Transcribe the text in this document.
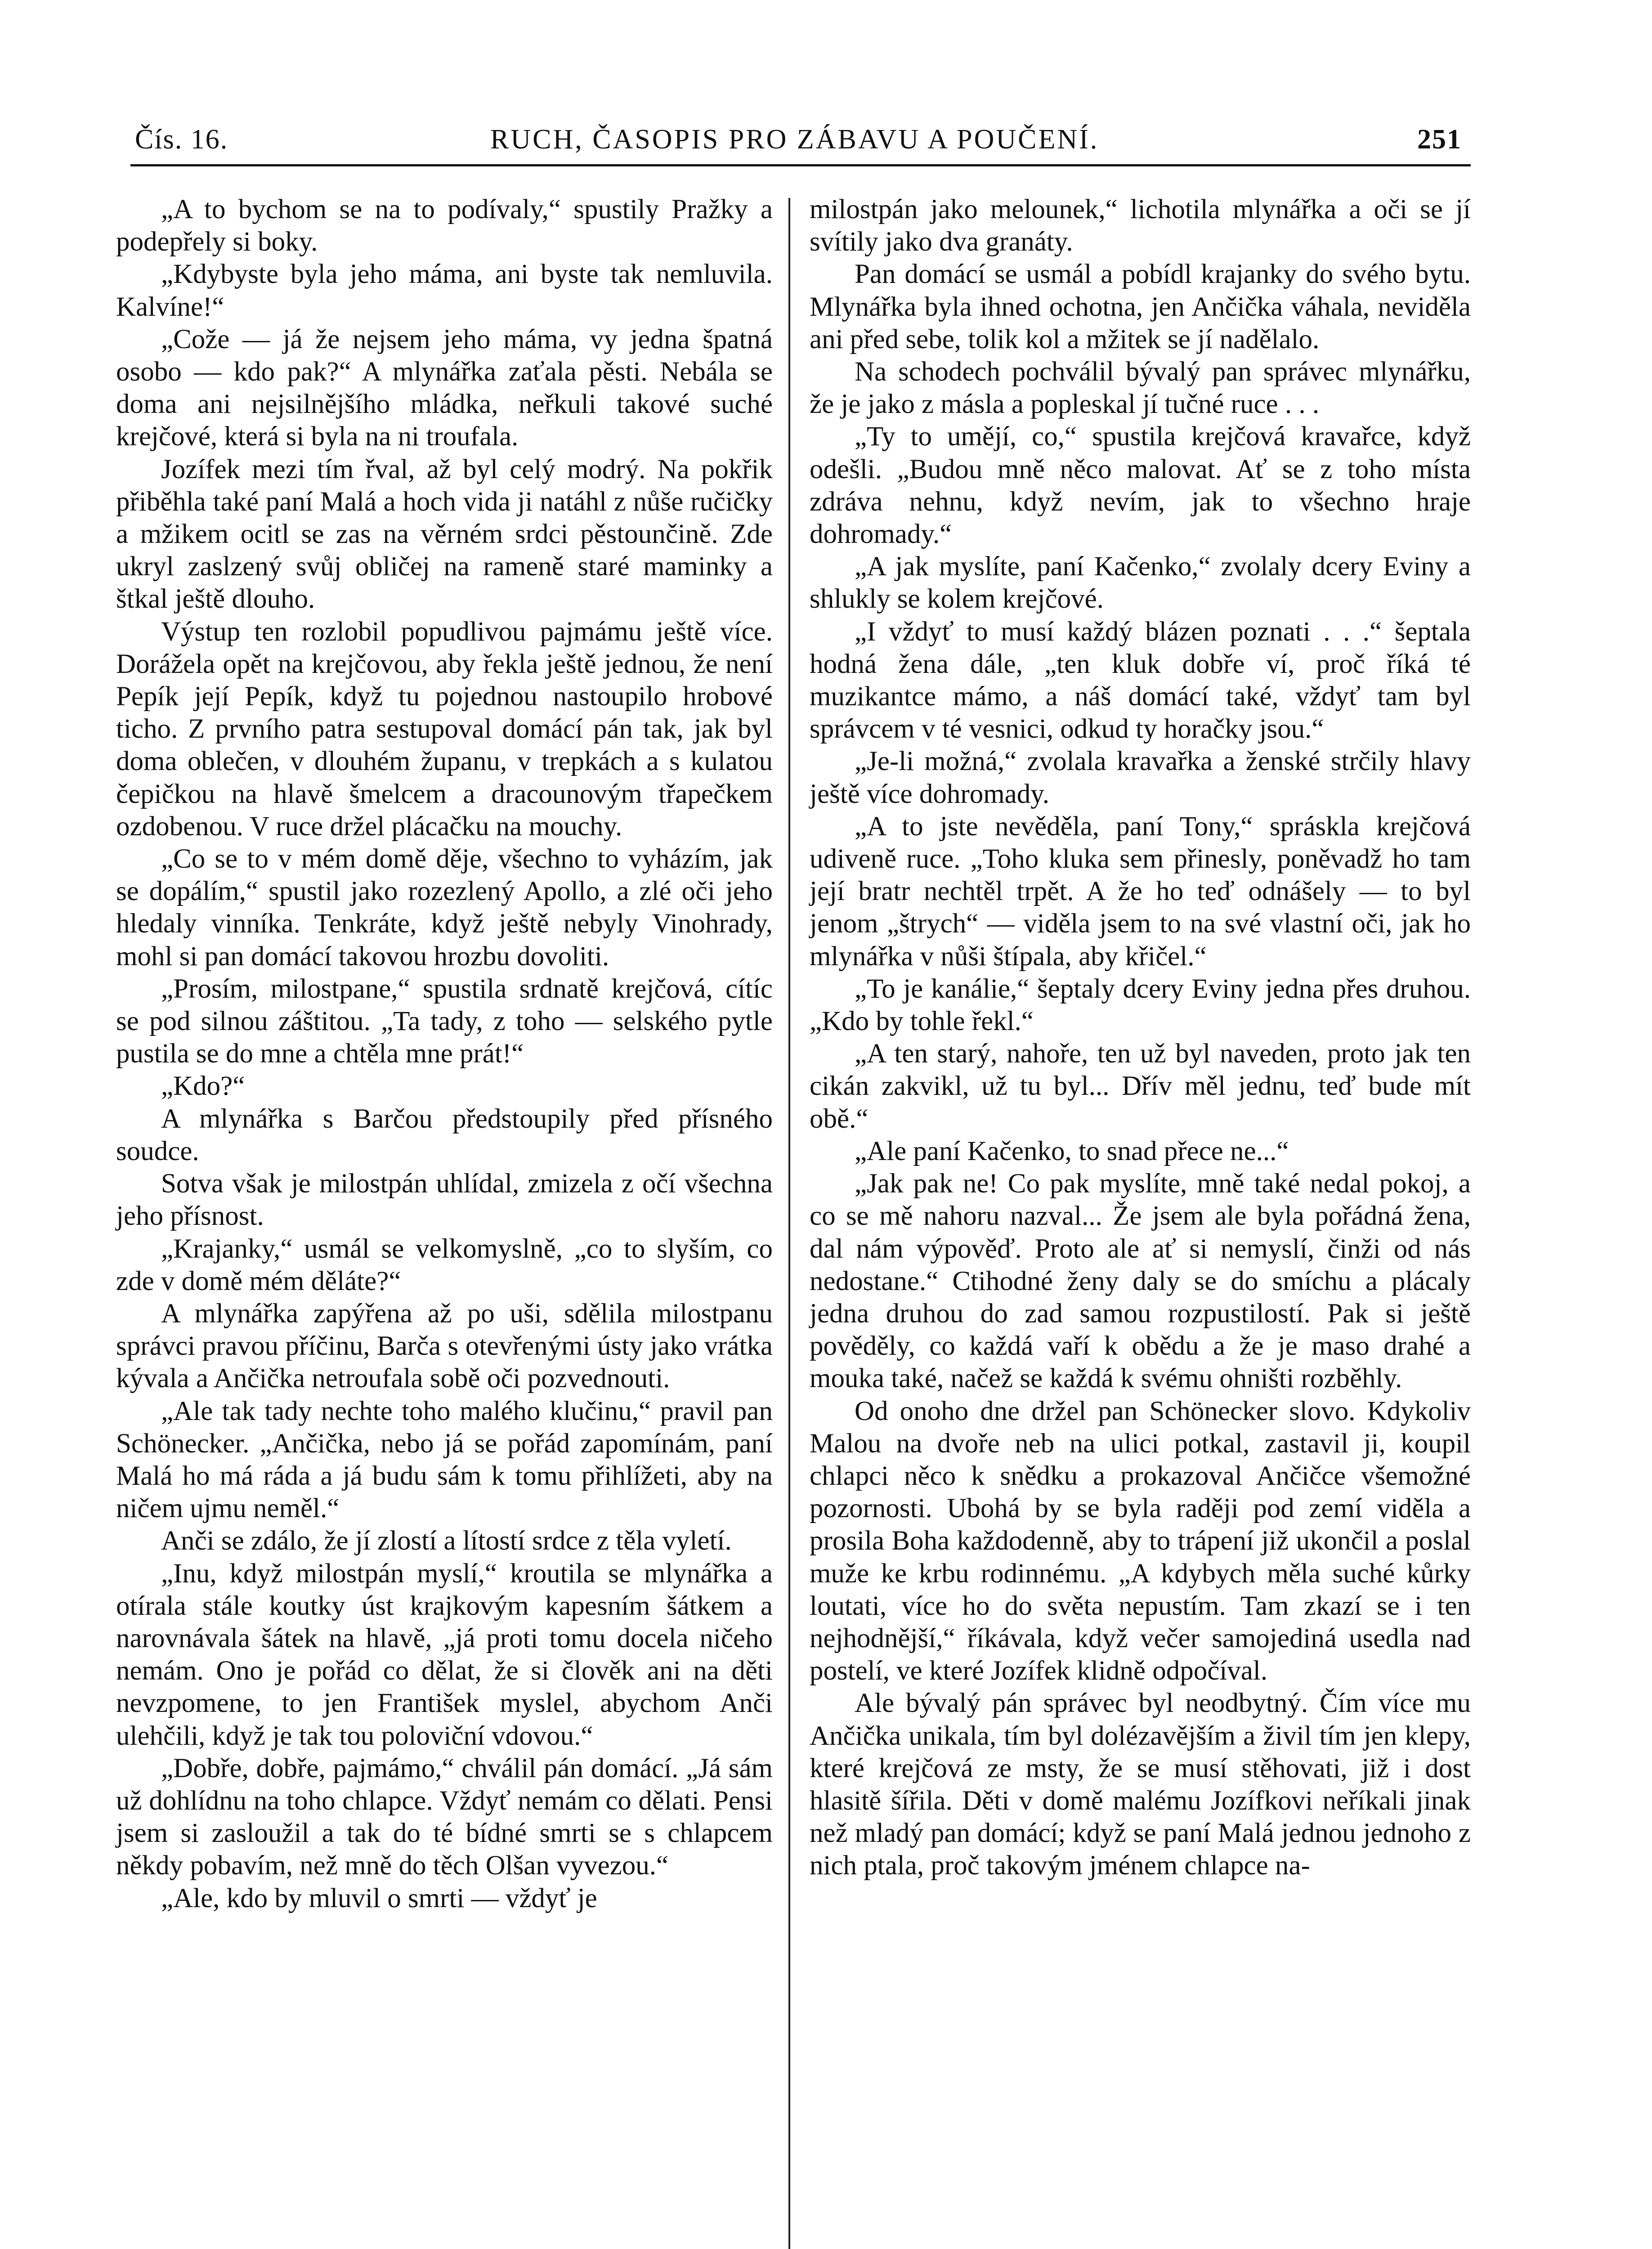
Čís. 16.	RUCH, ČASOPIS PRO ZÁBAVU A POUČENÍ.	251

„A to bychom se na to podívaly,“ spustily Pražky a podepřely si boky.

„Kdybyste byla jeho máma, ani byste tak nemluvila. Kalvíne!“

„Cože — já že nejsem jeho máma, vy jedna špatná osobo — kdo pak?“ A mlynářka zaťala pěsti. Nebála se doma ani nejsilnějšího mládka, neřkuli takové suché krejčové, která si byla na ni troufala.

Jozífek mezi tím řval, až byl celý modrý. Na pokřik přiběhla také paní Malá a hoch vida ji natáhl z nůše ručičky a mžikem ocitl se zas na věrném srdci pěstounčině. Zde ukryl zaslzený svůj obličej na rameně staré maminky a štkal ještě dlouho.

Výstup ten rozlobil popudlivou pajmámu ještě více. Doráželа opět na krejčovou, aby řekla ještě jednou, že není Pepík její Pepík, když tu pojednou nastoupilo hrobové ticho. Z prvního patra sestupoval domácí pán tak, jak byl doma oblečen, v dlouhém županu, v trepkách a s kulatou čepičkou na hlavě šmelcem a dracounovým třapečkem ozdobenou. V ruce držel plácačku na mouchy.

„Co se to v mém domě děje, všechno to vyházím, jak se dopálím,“ spustil jako rozezlený Apollo, a zlé oči jeho hledaly vinníka. Tenkráte, když ještě nebyly Vinohrady, mohl si pan domácí takovou hrozbu dovoliti.

„Prosím, milostpane,“ spustila srdnatě krejčová, cítíc se pod silnou záštitou. „Ta tady, z toho — selského pytle pustila se do mne a chtěla mne prát!“

„Kdo?“

A mlynářka s Barčou předstoupily před přísného soudce.

Sotva však je milostpán uhlídal, zmizela z očí všechna jeho přísnost.

„Krajanky,“ usmál se velkomyslně, „co to slyším, co zde v domě mém děláte?“

A mlynářka zapýřena až po uši, sdělila milostpanu správci pravou příčinu, Barča s otevřenými ústy jako vrátka kývala a Ančička netroufala sobě oči pozvednouti.

„Ale tak tady nechte toho malého klučinu,“ pravil pan Schönecker. „Ančička, nebo já se pořád zapomínám, paní Malá ho má ráda a já budu sám k tomu přihlížeti, aby na ničem ujmu neměl.“

Anči se zdálo, že jí zlostí a lítostí srdce z těla vyletí.

„Inu, když milostpán myslí,“ kroutila se mlynářka a otírala stále koutky úst krajkovým kapesním šátkem a narovnávala šátek na hlavě, „já proti tomu docela ničeho nemám. Ono je pořád co dělat, že si člověk ani na děti nevzpomene, to jen František myslel, abychom Anči ulehčili, když je tak tou poloviční vdovou.“

„Dobře, dobře, pajmámo,“ chválil pán domácí. „Já sám už dohlídnu na toho chlapce. Vždyť nemám co dělati. Pensi jsem si zasloužil a tak do té bídné smrti se s chlapcem někdy pobavím, než mně do těch Olšan vyvezou.“

„Ale, kdo by mluvil o smrti — vždyť je

milostpán jako melounek,“ lichotila mlynářka a oči se jí svítily jako dva granáty.

Pan domácí se usmál a pobídl krajanky do svého bytu. Mlynářka byla ihned ochotna, jen Ančička váhala, neviděla ani před sebe, tolik kol a mžitek se jí nadělalo.

Na schodech pochválil bývalý pan správec mlynářku, že je jako z másla a popleskal jí tučné ruce . . .

„Ty to umějí, co,“ spustila krejčová kravařce, když odešli. „Budou mně něco malovat. Ať se z toho místa zdráva nehnu, když nevím, jak to všechno hraje dohromady.“

„A jak myslíte, paní Kačenko,“ zvolaly dcery Eviny a shlukly se kolem krejčové.

„I vždyť to musí každý blázen poznati . . .“ šeptala hodná žena dále, „ten kluk dobře ví, proč říká té muzikantce mámo, a náš domácí také, vždyť tam byl správcem v té vesnici, odkud ty horačky jsou.“

„Je-li možná,“ zvolala kravařka a ženské strčily hlavy ještě více dohromady.

„A to jste nevěděla, paní Tony,“ spráskla krejčová udiveně ruce. „Toho kluka sem přinesly, poněvadž ho tam její bratr nechtěl trpět. A že ho teď odnášely — to byl jenom „štrych“ — viděla jsem to na své vlastní oči, jak ho mlynářka v nůši štípala, aby křičel.“

„To je kanálie,“ šeptaly dcery Eviny jedna přes druhou. „Kdo by tohle řekl.“

„A ten starý, nahoře, ten už byl naveden, proto jak ten cikán zakvikl, už tu byl... Dřív měl jednu, teď bude mít obě.“

„Ale paní Kačenko, to snad přece ne...“

„Jak pak ne! Co pak myslíte, mně také nedal pokoj, a co se mě nahoru nazval... Že jsem ale byla pořádná žena, dal nám výpověď. Proto ale ať si nemyslí, činži od nás nedostane.“ Ctihodné ženy daly se do smíchu a plácaly jedna druhou do zad samou rozpustilostí. Pak si ještě pověděly, co každá vaří k obědu a že je maso drahé a mouka také, načež se každá k svému ohništi rozběhly.

Od onoho dne držel pan Schönecker slovo. Kdykoliv Malou na dvoře neb na ulici potkal, zastavil ji, koupil chlapci něco k snědku a prokazoval Ančičce všemožné pozornosti. Ubohá by se byla raději pod zemí viděla a prosila Boha každodenně, aby to trápení již ukončil a poslal muže ke krbu rodinnému. „A kdybych měla suché kůrky loutati, více ho do světa nepustím. Tam zkazí se i ten nejhodnější,“ říkávala, když večer samojediná usedla nad postelí, ve které Jozífek klidně odpočíval.

Ale bývalý pán správec byl neodbytný. Čím více mu Ančička unikala, tím byl dolézavějším a živil tím jen klepy, které krejčová ze msty, že se musí stěhovati, již i dost hlasitě šířila. Děti v domě malému Jozífkovi neříkali jinak než mladý pan domácí; když se paní Malá jednou jednoho z nich ptala, proč takovým jménem chlapce na-
